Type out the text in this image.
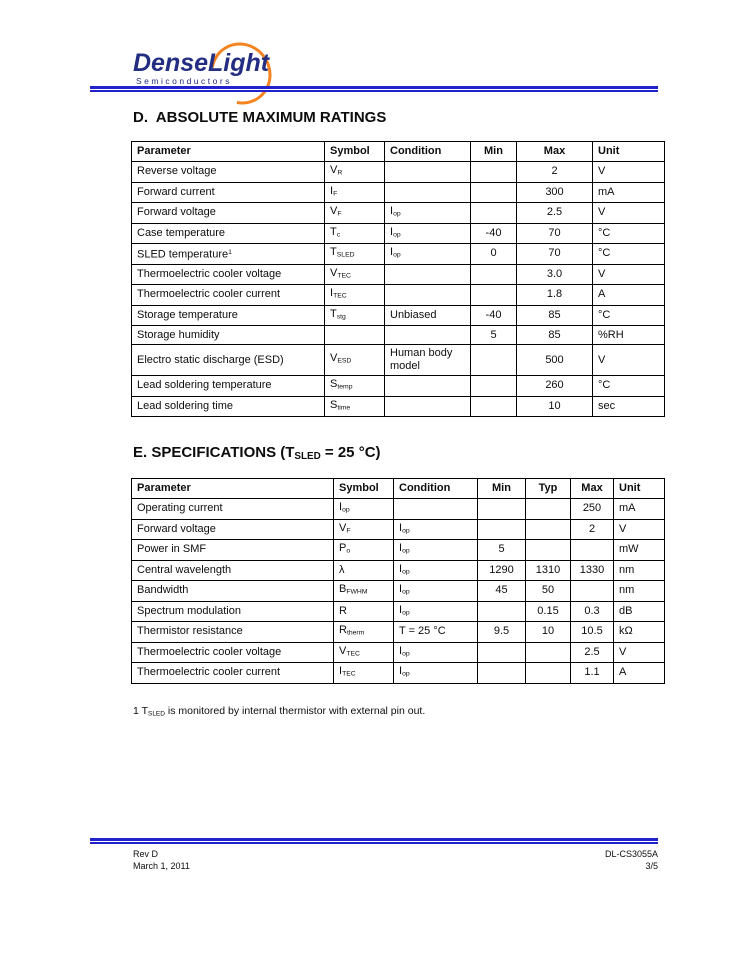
DenseLight
Semiconductors
D.  ABSOLUTE MAXIMUM RATINGS
Parameter	Symbol	Condition	Min	Max	Unit
Reverse voltage	$V_R$			2	V
Forward current	$I_F$			300	mA
Forward voltage	$V_F$	$I_{op}$		2.5	V
Case temperature	$T_c$	$I_{op}$	-40	70	°C
SLED temperature$^1$	$T_{SLED}$	$I_{op}$	0	70	°C
Thermoelectric cooler voltage	$V_{TEC}$			3.0	V
Thermoelectric cooler current	$I_{TEC}$			1.8	A
Storage temperature	$T_{stg}$	Unbiased	-40	85	°C
Storage humidity			5	85	%RH
Electro static discharge (ESD)	$V_{ESD}$	Human body model		500	V
Lead soldering temperature	$S_{temp}$			260	°C
Lead soldering time	$S_{time}$			10	sec
E. SPECIFICATIONS ($T_{SLED} = 25$ °C)
Parameter	Symbol	Condition	Min	Typ	Max	Unit
Operating current	$I_{op}$				250	mA
Forward voltage	$V_F$	$I_{op}$			2	V
Power in SMF	$P_o$	$I_{op}$	5			mW
Central wavelength	λ	$I_{op}$	1290	1310	1330	nm
Bandwidth	$B_{FWHM}$	$I_{op}$	45	50		nm
Spectrum modulation	R	$I_{op}$		0.15	0.3	dB
Thermistor resistance	$R_{therm}$	T = 25 °C	9.5	10	10.5	kΩ
Thermoelectric cooler voltage	$V_{TEC}$	$I_{op}$			2.5	V
Thermoelectric cooler current	$I_{TEC}$	$I_{op}$			1.1	A
1 $T_{SLED}$ is monitored by internal thermistor with external pin out.
Rev D
March 1, 2011
DL-CS3055A
3/5
